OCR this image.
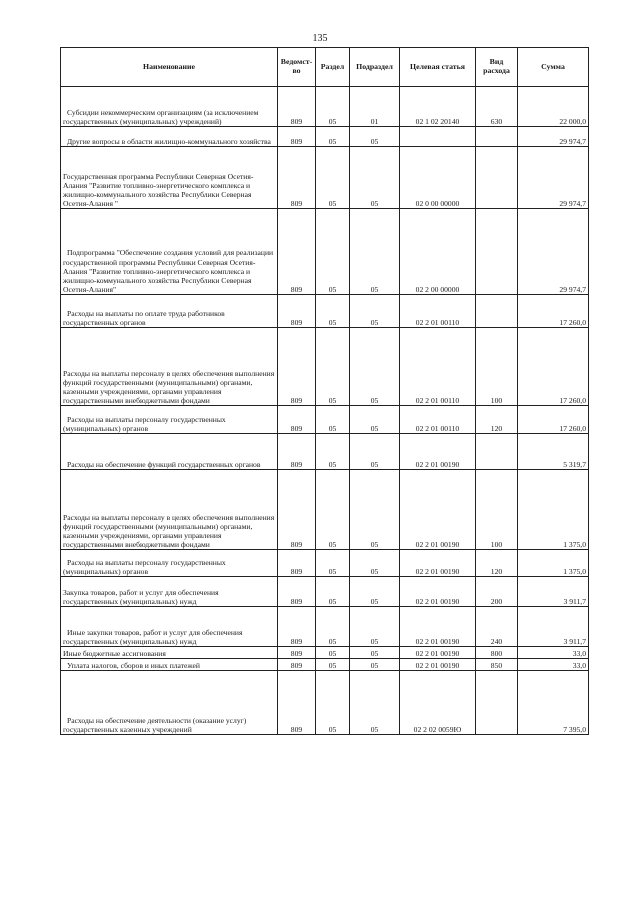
135
Наименование	Ведомст-во	Раздел	Подраздел	Целевая статья	Вид расхода	Сумма
Субсидии некоммерческим организациям (за исключением государственных (муниципальных) учреждений)	809	05	01	02 1 02 20140	630	22 000,0
Другие вопросы в области жилищно-коммунального хозяйства	809	05	05			29 974,7
Государственная программа Республики Северная Осетия-Алания "Развитие топливно-энергетического комплекса и жилищно-коммунального хозяйства Республики Северная Осетия-Алания "	809	05	05	02 0 00 00000		29 974,7
Подпрограмма "Обеспечение создания условий для реализации государственной программы Республики Северная Осетия-Алания "Развитие топливно-энергетического комплекса и жилищно-коммунального хозяйства Республики Северная Осетия-Алания"	809	05	05	02 2 00 00000		29 974,7
Расходы на выплаты по оплате труда работников государственных органов	809	05	05	02 2 01 00110		17 260,0
Расходы на выплаты персоналу в целях обеспечения выполнения функций государственными (муниципальными) органами, казенными учреждениями, органами управления государственными внебюджетными фондами	809	05	05	02 2 01 00110	100	17 260,0
Расходы на выплаты персоналу государственных (муниципальных) органов	809	05	05	02 2 01 00110	120	17 260,0
Расходы на обеспечение функций государственных органов	809	05	05	02 2 01 00190		5 319,7
Расходы на выплаты персоналу в целях обеспечения выполнения функций государственными (муниципальными) органами, казенными учреждениями, органами управления государственными внебюджетными фондами	809	05	05	02 2 01 00190	100	1 375,0
Расходы на выплаты персоналу государственных (муниципальных) органов	809	05	05	02 2 01 00190	120	1 375,0
Закупка товаров, работ и услуг для обеспечения государственных (муниципальных) нужд	809	05	05	02 2 01 00190	200	3 911,7
Иные закупки товаров, работ и услуг для обеспечения государственных (муниципальных) нужд	809	05	05	02 2 01 00190	240	3 911,7
Иные бюджетные ассигнования	809	05	05	02 2 01 00190	800	33,0
Уплата налогов, сборов и иных платежей	809	05	05	02 2 01 00190	850	33,0
Расходы на обеспечение деятельности (оказание услуг) государственных казенных учреждений	809	05	05	02 2 02 0059Ю		7 395,0
